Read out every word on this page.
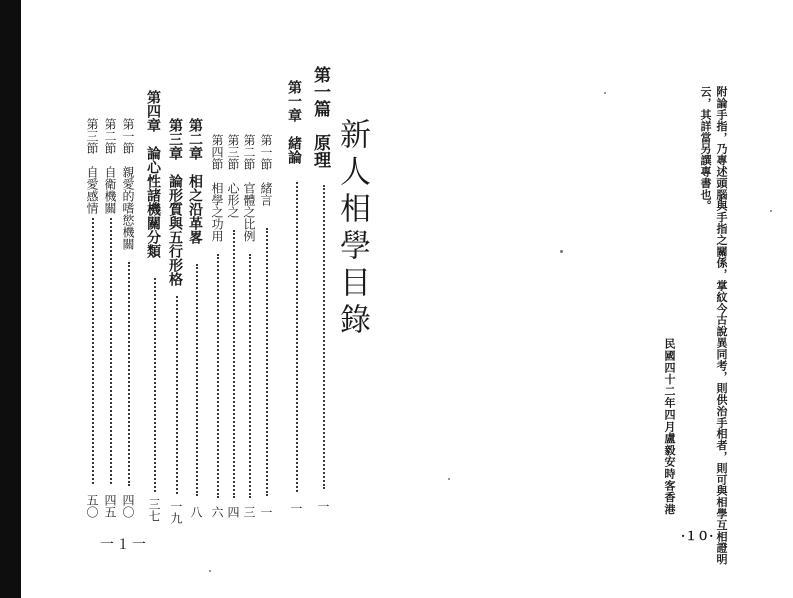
新人相學目錄
第一篇　原理
一
第一章　緒論
一
第一節　緒言
一
第二節　官體之比例
三
第三節　心形之
四
第四節　相學之功用
六
第二章　相之沿革畧
八
第三章　論形質與五行形格
一九
第四章　論心性諸機關分類
三七
第一節　親愛的嗜慾機關
四〇
第二節　自衛機關
四五
第三節　自愛感情
五〇
一１一	附論手指，乃專述頭腦與手指之關係，掌紋今古說異同考，則供治手相者，則可與相學互相證明
云，其詳當另譔專書也。
民國四十二年四月盧毅安時客香港
·１０·
